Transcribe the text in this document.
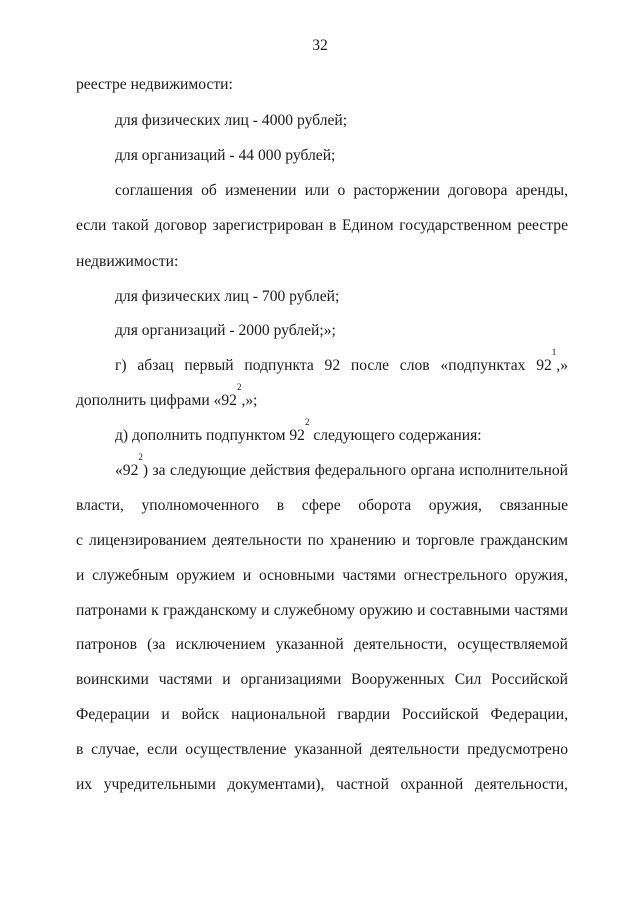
32
реестре недвижимости:
для физических лиц - 4000 рублей;
для организаций - 44 000 рублей;
соглашения об изменении или о расторжении договора аренды,
если такой договор зарегистрирован в Едином государственном реестре
недвижимости:
для физических лиц - 700 рублей;
для организаций - 2000 рублей;»;
г) абзац первый подпункта 92 после слов «подпунктах $92^1$,»
дополнить цифрами «$92^2$,»;
д) дополнить подпунктом $92^2$ следующего содержания:
«$92^2$) за следующие действия федерального органа исполнительной
власти, уполномоченного в сфере оборота оружия, связанные
с лицензированием деятельности по хранению и торговле гражданским
и служебным оружием и основными частями огнестрельного оружия,
патронами к гражданскому и служебному оружию и составными частями
патронов (за исключением указанной деятельности, осуществляемой
воинскими частями и организациями Вооруженных Сил Российской
Федерации и войск национальной гвардии Российской Федерации,
в случае, если осуществление указанной деятельности предусмотрено
их учредительными документами), частной охранной деятельности,
